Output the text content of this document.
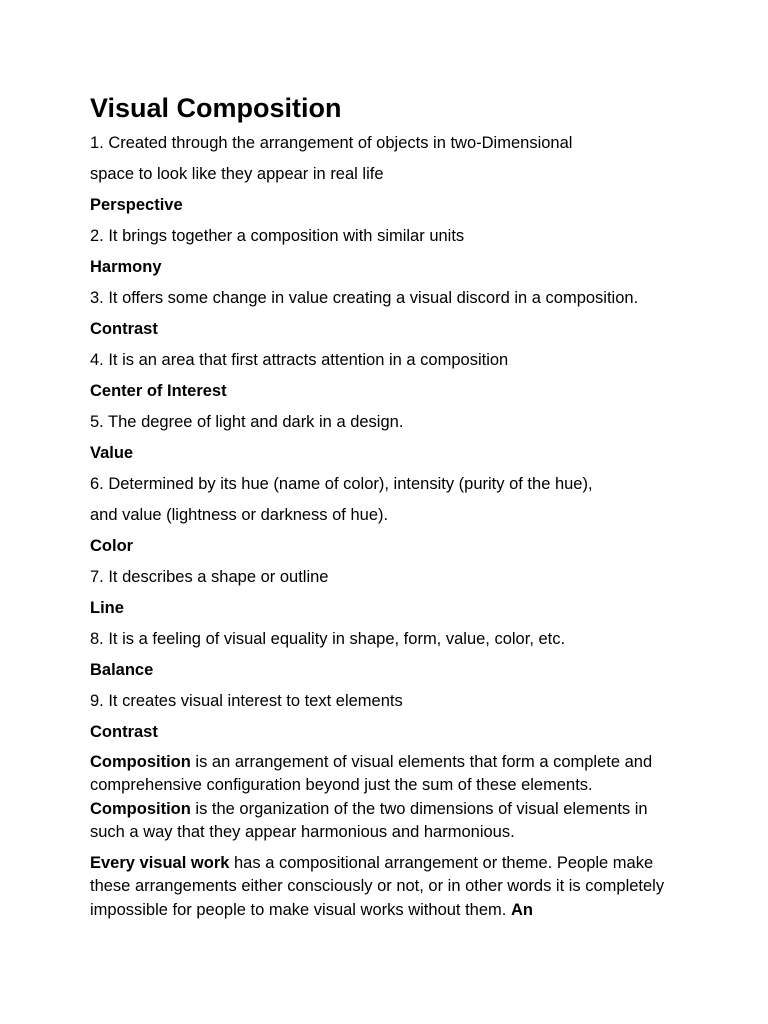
Visual Composition

1. Created through the arrangement of objects in two-Dimensional

space to look like they appear in real life

Perspective

2. It brings together a composition with similar units

Harmony

3. It offers some change in value creating a visual discord in a composition.

Contrast

4. It is an area that first attracts attention in a composition

Center of Interest

5. The degree of light and dark in a design.

Value

6. Determined by its hue (name of color), intensity (purity of the hue),

and value (lightness or darkness of hue).

Color

7. It describes a shape or outline

Line

8. It is a feeling of visual equality in shape, form, value, color, etc.

Balance

9. It creates visual interest to text elements

Contrast

Composition is an arrangement of visual elements that form a complete and comprehensive configuration beyond just the sum of these elements. Composition is the organization of the two dimensions of visual elements in such a way that they appear harmonious and harmonious.

Every visual work has a compositional arrangement or theme. People make these arrangements either consciously or not, or in other words it is completely impossible for people to make visual works without them. An
